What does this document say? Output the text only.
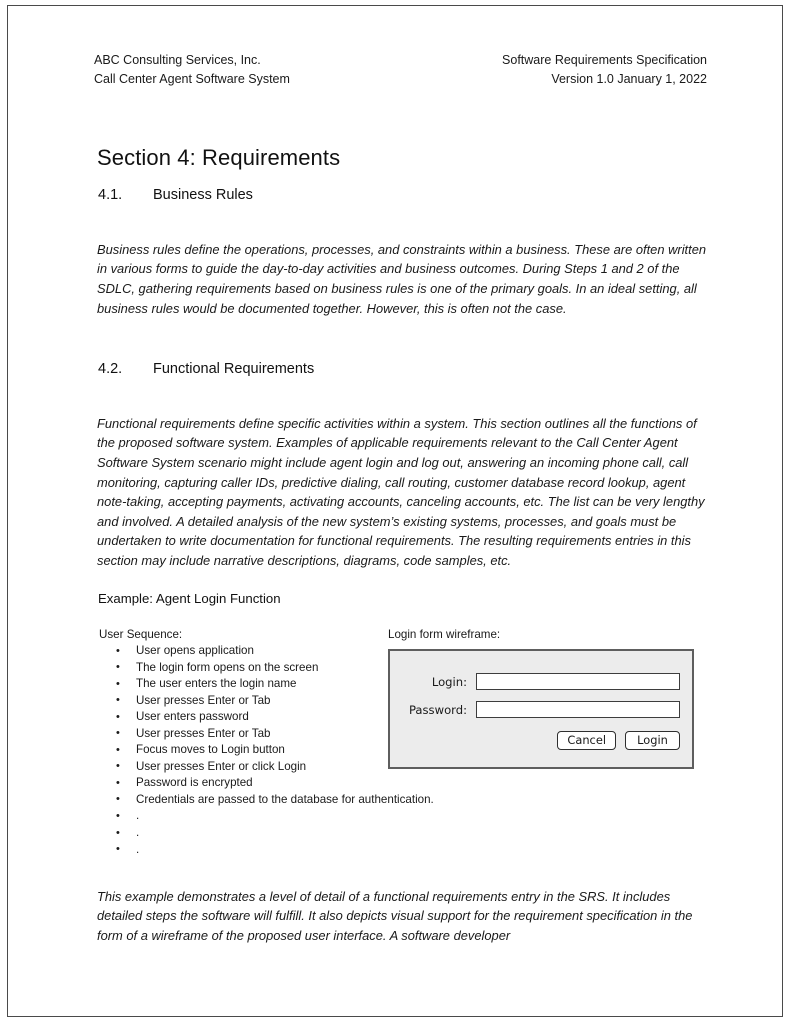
ABC Consulting Services, Inc.
Call Center Agent Software System
Software Requirements Specification
Version 1.0 January 1, 2022
Section 4: Requirements
4.1. Business Rules

Business rules define the operations, processes, and constraints within a business. These are often written in various forms to guide the day-to-day activities and business outcomes. During Steps 1 and 2 of the SDLC, gathering requirements based on business rules is one of the primary goals. In an ideal setting, all business rules would be documented together. However, this is often not the case.

4.2. Functional Requirements

Functional requirements define specific activities within a system. This section outlines all the functions of the proposed software system. Examples of applicable requirements relevant to the Call Center Agent Software System scenario might include agent login and log out, answering an incoming phone call, call monitoring, capturing caller IDs, predictive dialing, call routing, customer database record lookup, agent note-taking, accepting payments, activating accounts, canceling accounts, etc. The list can be very lengthy and involved. A detailed analysis of the new system’s existing systems, processes, and goals must be undertaken to write documentation for functional requirements. The resulting requirements entries in this section may include narrative descriptions, diagrams, code samples, etc.

Example: Agent Login Function
User Sequence:
• User opens application
• The login form opens on the screen
• The user enters the login name
• User presses Enter or Tab
• User enters password
• User presses Enter or Tab
• Focus moves to Login button
• User presses Enter or click Login
• Password is encrypted
• Credentials are passed to the database for authentication.
• .
• .
• .
Login form wireframe:
Login:
Password:
Cancel	Login

This example demonstrates a level of detail of a functional requirements entry in the SRS. It includes detailed steps the software will fulfill. It also depicts visual support for the requirement specification in the form of a wireframe of the proposed user interface. A software developer
